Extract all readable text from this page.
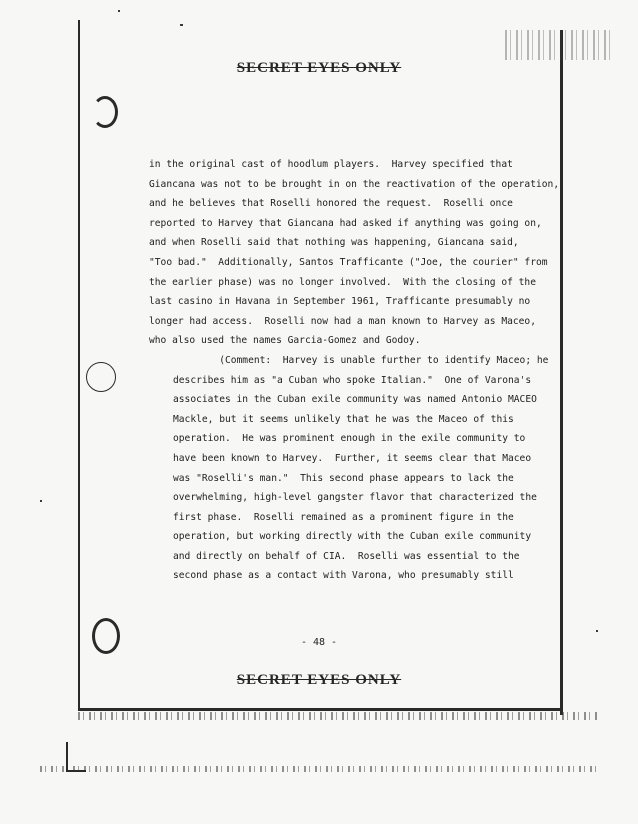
SECRET EYES ONLY
in the original cast of hoodlum players.  Harvey specified that
Giancana was not to be brought in on the reactivation of the operation,
and he believes that Roselli honored the request.  Roselli once
reported to Harvey that Giancana had asked if anything was going on,
and when Roselli said that nothing was happening, Giancana said,
"Too bad."  Additionally, Santos Trafficante ("Joe, the courier" from
the earlier phase) was no longer involved.  With the closing of the
last casino in Havana in September 1961, Trafficante presumably no
longer had access.  Roselli now had a man known to Harvey as Maceo,
who also used the names Garcia-Gomez and Godoy.
(Comment:  Harvey is unable further to identify Maceo; he
describes him as "a Cuban who spoke Italian."  One of Varona's
associates in the Cuban exile community was named Antonio MACEO
Mackle, but it seems unlikely that he was the Maceo of this
operation.  He was prominent enough in the exile community to
have been known to Harvey.  Further, it seems clear that Maceo
was "Roselli's man."  This second phase appears to lack the
overwhelming, high-level gangster flavor that characterized the
first phase.  Roselli remained as a prominent figure in the
operation, but working directly with the Cuban exile community
and directly on behalf of CIA.  Roselli was essential to the
second phase as a contact with Varona, who presumably still
- 48 -
SECRET EYES ONLY
